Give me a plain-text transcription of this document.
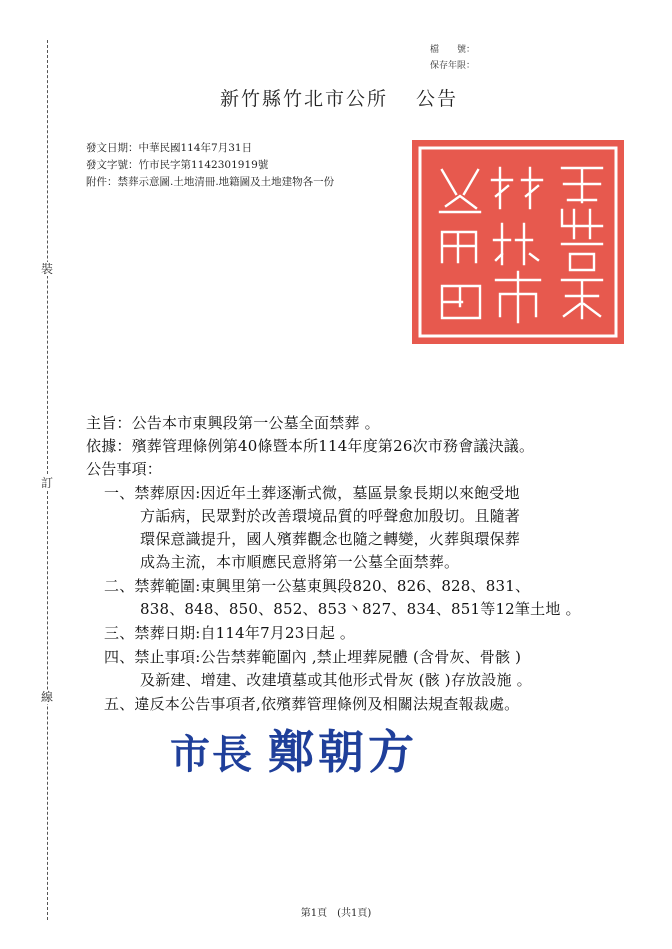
裝
訂
線
檔　　號：
保存年限：
新竹縣竹北市公所 公告
發文日期：中華民國114年7月31日
發文字號：竹市民字第1142301919號
附件：禁葬示意圖.土地清冊.地籍圖及土地建物各一份
主旨：公告本市東興段第一公墓全面禁葬 。
依據：殯葬管理條例第40條暨本所114年度第26次市務會議決議。
公告事項：
一、禁葬原因:因近年土葬逐漸式微，墓區景象長期以來飽受地
方詬病，民眾對於改善環境品質的呼聲愈加殷切。且隨著
環保意識提升，國人殯葬觀念也隨之轉變，火葬與環保葬
成為主流，本市順應民意將第一公墓全面禁葬。
二、禁葬範圍:東興里第一公墓東興段820、826、828、831、
838、848、850、852、853丶827、834、851等12筆土地 。
三、禁葬日期:自114年7月23日起 。
四、禁止事項:公告禁葬範圍內 ,禁止埋葬屍體 (含骨灰、骨骸 )
及新建、增建、改建墳墓或其他形式骨灰 (骸 )存放設施 。
五、違反本公告事項者,依殯葬管理條例及相關法規查報裁處。
市長 鄭朝方
第1頁　(共1頁)
